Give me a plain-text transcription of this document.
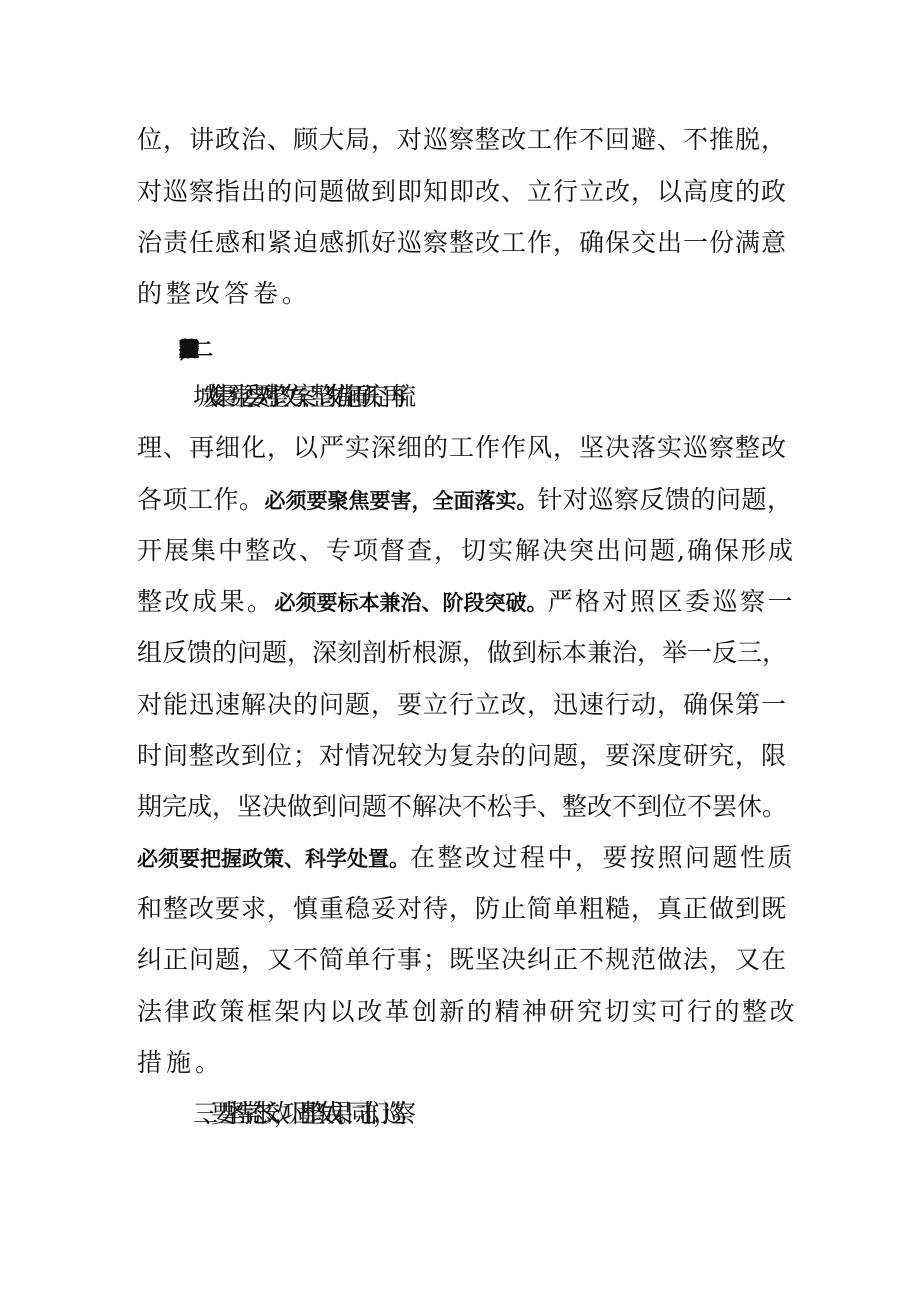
位，讲政治、顾大局，对巡察整改工作不回避、不推脱，
对巡察指出的问题做到即知即改、立行立改，以高度的政
治责任感和紧迫感抓好巡察整改工作，确保交出一份满意
的整改答卷。
城发集团党委要对整改方案、整改措施再研究、再梳
理、再细化，以严实深细的工作作风，坚决落实巡察整改
各项工作。必须要聚焦要害，全面落实。针对巡察反馈的问题，
开展集中整改、专项督查，切实解决突出问题,确保形成
整改成果。必须要标本兼治、阶段突破。严格对照区委巡察一
组反馈的问题，深刻剖析根源，做到标本兼治，举一反三，
对能迅速解决的问题，要立行立改，迅速行动，确保第一
时间整改到位；对情况较为复杂的问题，要深度研究，限
期完成，坚决做到问题不解决不松手、整改不到位不罢休。
必须要把握政策、科学处置。在整改过程中，要按照问题性质
和整改要求，慎重稳妥对待，防止简单粗糙，真正做到既
纠正问题，又不简单行事；既坚决纠正不规范做法，又在
法律政策框架内以改革创新的精神研究切实可行的整改
措施。
三、要坚持常态长效，巩固整改成果。同志们，巡察
